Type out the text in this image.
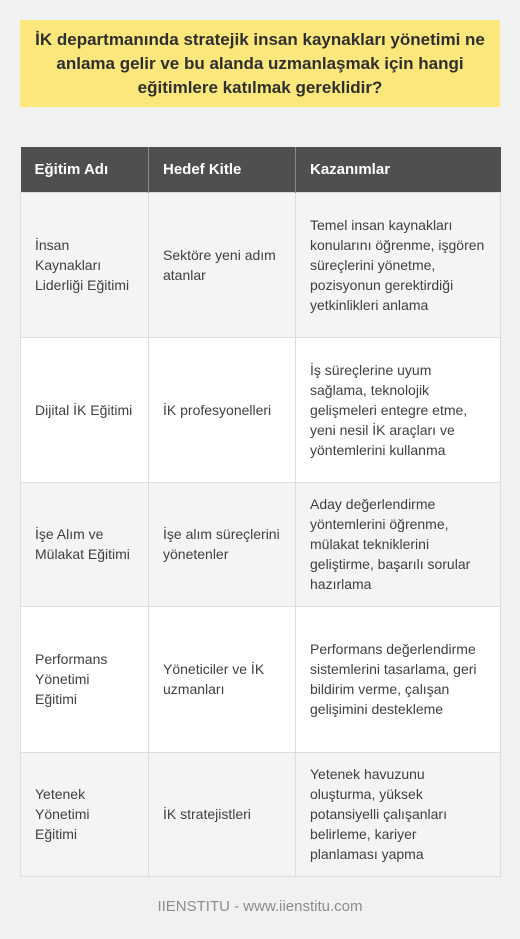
İK departmanında stratejik insan kaynakları yönetimi ne anlama gelir ve bu alanda uzmanlaşmak için hangi eğitimlere katılmak gereklidir?
Eğitim Adı	Hedef Kitle	Kazanımlar
İnsan Kaynakları Liderliği Eğitimi	Sektöre yeni adım atanlar	Temel insan kaynakları konularını öğrenme, işgören süreçlerini yönetme, pozisyonun gerektirdiği yetkinlikleri anlama
Dijital İK Eğitimi	İK profesyonelleri	İş süreçlerine uyum sağlama, teknolojik gelişmeleri entegre etme, yeni nesil İK araçları ve yöntemlerini kullanma
İşe Alım ve Mülakat Eğitimi	İşe alım süreçlerini yönetenler	Aday değerlendirme yöntemlerini öğrenme, mülakat tekniklerini geliştirme, başarılı sorular hazırlama
Performans Yönetimi Eğitimi	Yöneticiler ve İK uzmanları	Performans değerlendirme sistemlerini tasarlama, geri bildirim verme, çalışan gelişimini destekleme
Yetenek Yönetimi Eğitimi	İK stratejistleri	Yetenek havuzunu oluşturma, yüksek potansiyelli çalışanları belirleme, kariyer planlaması yapma
IIENSTITU - www.iienstitu.com
